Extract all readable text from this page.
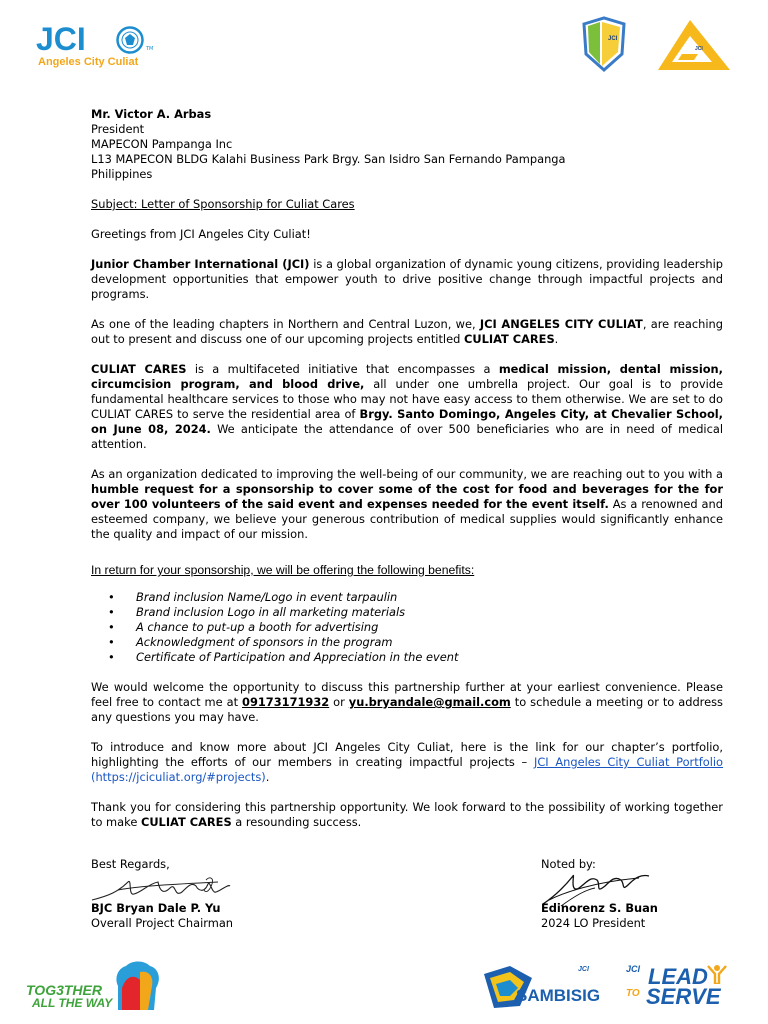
JCI	TM
Angeles City Culiat
JCI
JCI

Mr. Victor A. Arbas

President

MAPECON Pampanga Inc

L13 MAPECON BLDG Kalahi Business Park Brgy. San Isidro San Fernando Pampanga

Philippines

Subject: Letter of Sponsorship for Culiat Cares

Greetings from JCI Angeles City Culiat!

Junior Chamber International (JCI) is a global organization of dynamic young citizens, providing leadership development opportunities that empower youth to drive positive change through impactful projects and programs.

As one of the leading chapters in Northern and Central Luzon, we, JCI ANGELES CITY CULIAT, are reaching out to present and discuss one of our upcoming projects entitled CULIAT CARES.

CULIAT CARES is a multifaceted initiative that encompasses a medical mission, dental mission, circumcision program, and blood drive, all under one umbrella project. Our goal is to provide fundamental healthcare services to those who may not have easy access to them otherwise. We are set to do CULIAT CARES to serve the residential area of Brgy. Santo Domingo, Angeles City, at Chevalier School, on June 08, 2024. We anticipate the attendance of over 500 beneficiaries who are in need of medical attention.

As an organization dedicated to improving the well-being of our community, we are reaching out to you with a humble request for a sponsorship to cover some of the cost for food and beverages for the for over 100 volunteers of the said event and expenses needed for the event itself. As a renowned and esteemed company, we believe your generous contribution of medical supplies would significantly enhance the quality and impact of our mission.

In return for your sponsorship, we will be offering the following benefits:

• Brand inclusion Name/Logo in event tarpaulin
• Brand inclusion Logo in all marketing materials
• A chance to put-up a booth for advertising
• Acknowledgment of sponsors in the program
• Certificate of Participation and Appreciation in the event

We would welcome the opportunity to discuss this partnership further at your earliest convenience. Please feel free to contact me at 09173171932 or yu.bryandale@gmail.com to schedule a meeting or to address any questions you may have.

To introduce and know more about JCI Angeles City Culiat, here is the link for our chapter’s portfolio, highlighting the efforts of our members in creating impactful projects – JCI Angeles City Culiat Portfolio (https://jciculiat.org/#projects).

Thank you for considering this partnership opportunity. We look forward to the possibility of working together to make CULIAT CARES a resounding success.

Best Regards,
BJC Bryan Dale P. Yu
Overall Project Chairman
Noted by:
Edinorenz S. Buan
2024 LO President
TOG3THER
ALL THE WAY
JCI
SAMBISIG
JCI LEAD
TO SERVE
